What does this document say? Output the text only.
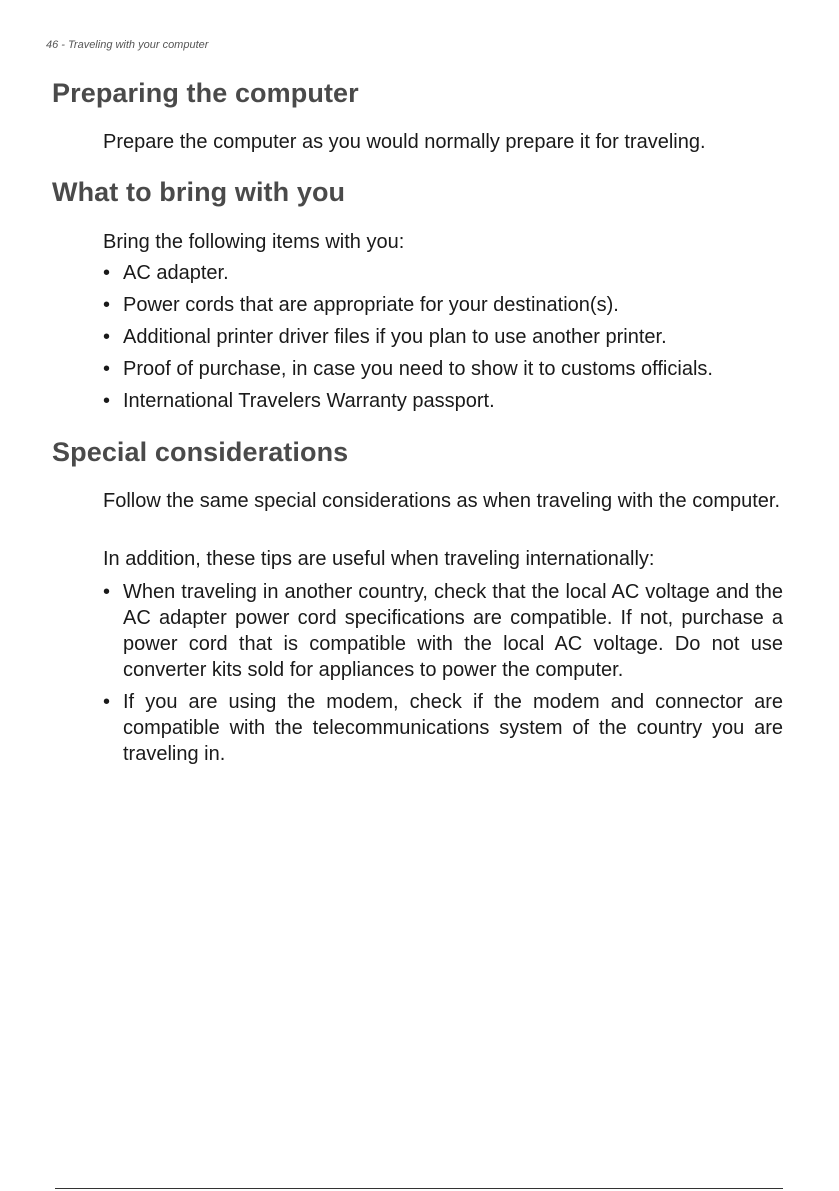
46 - Traveling with your computer
Preparing the computer

Prepare the computer as you would normally prepare it for traveling.

What to bring with you

Bring the following items with you:

• AC adapter.
• Power cords that are appropriate for your destination(s).
• Additional printer driver files if you plan to use another printer.
• Proof of purchase, in case you need to show it to customs officials.
• International Travelers Warranty passport.
Special considerations

Follow the same special considerations as when traveling with the computer.

In addition, these tips are useful when traveling internationally:

• When traveling in another country, check that the local AC voltage and the AC adapter power cord specifications are compatible. If not, purchase a power cord that is compatible with the local AC voltage. Do not use converter kits sold for appliances to power the computer.
• If you are using the modem, check if the modem and connector are compatible with the telecommunications system of the country you are traveling in.
